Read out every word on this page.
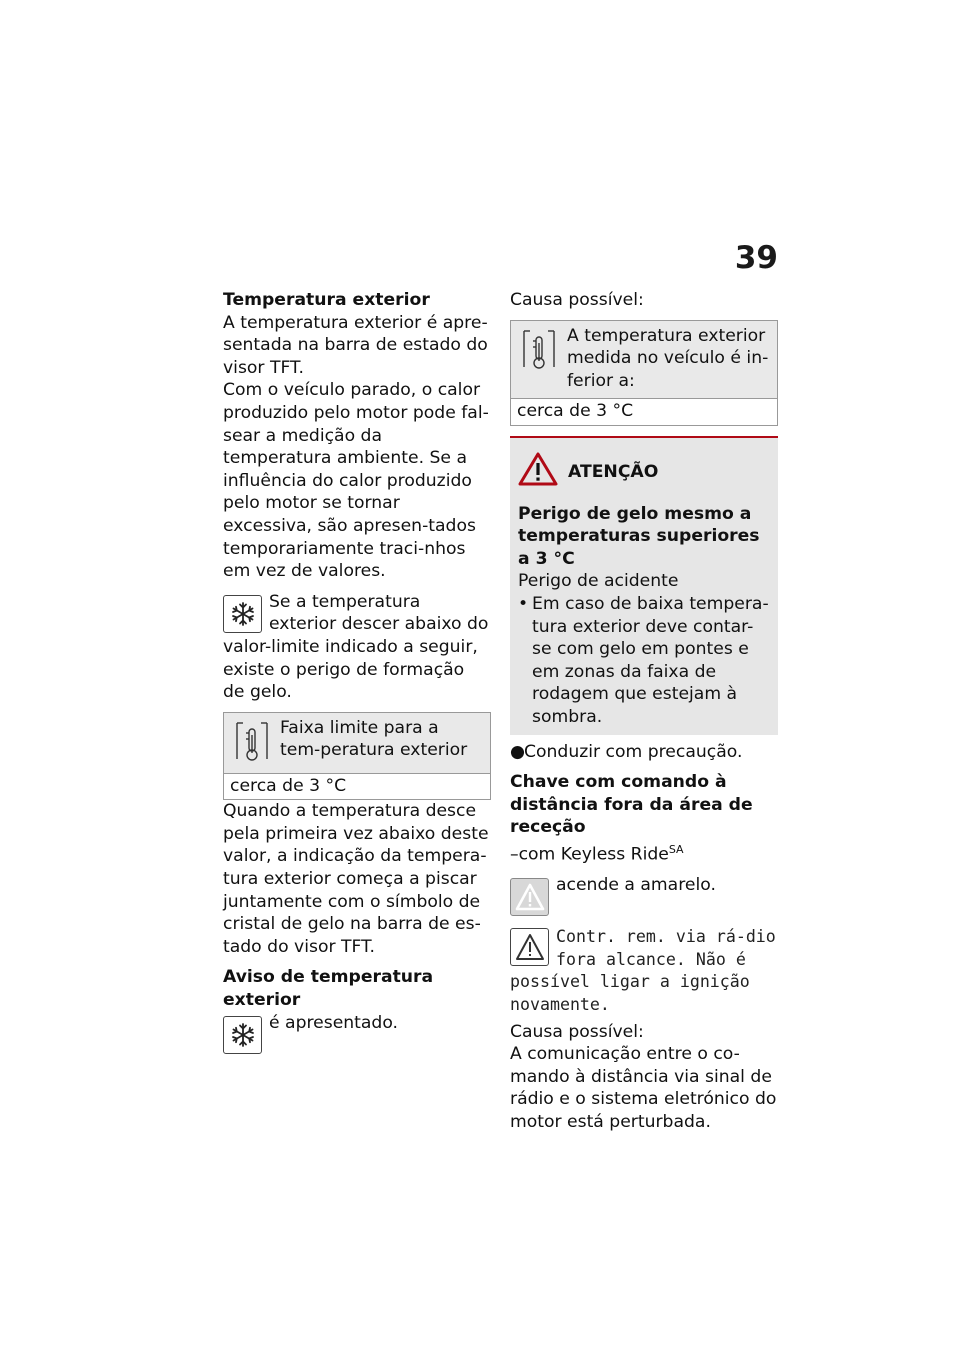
39

Temperatura exterior

A temperatura exterior é apre-sentada na barra de estado do visor TFT.

Com o veículo parado, o calor produzido pelo motor pode fal-sear a medição da temperatura ambiente. Se a influência do calor produzido pelo motor se tornar excessiva, são apresen-tados temporariamente traci-nhos em vez de valores.

Se a temperatura exterior descer abaixo do valor-limite indicado a seguir, existe o perigo de formação de gelo.
Faixa limite para a tem-peratura exterior
cerca de 3 °C

Quando a temperatura desce pela primeira vez abaixo deste valor, a indicação da tempera-tura exterior começa a piscar juntamente com o símbolo de cristal de gelo na barra de es-tado do visor TFT.

Aviso de temperatura exterior

é apresentado.

Causa possível:

A temperatura exterior medida no veículo é in-ferior a:
cerca de 3 °C
ATENÇÃO

Perigo de gelo mesmo a temperaturas superiores a 3 °C

Perigo de acidente

• Em caso de baixa tempera-tura exterior deve contar-se com gelo em pontes e em zonas da faixa de rodagem que estejam à sombra.
● Conduzir com precaução.

Chave com comando à distância fora da área de receção

–com Keyless Ride$^{SA}$

acende a amarelo.
Contr. rem. via rá-dio fora alcance. Não é possível ligar a ignição novamente.

Causa possível:

A comunicação entre o co-mando à distância via sinal de rádio e o sistema eletrónico do motor está perturbada.
